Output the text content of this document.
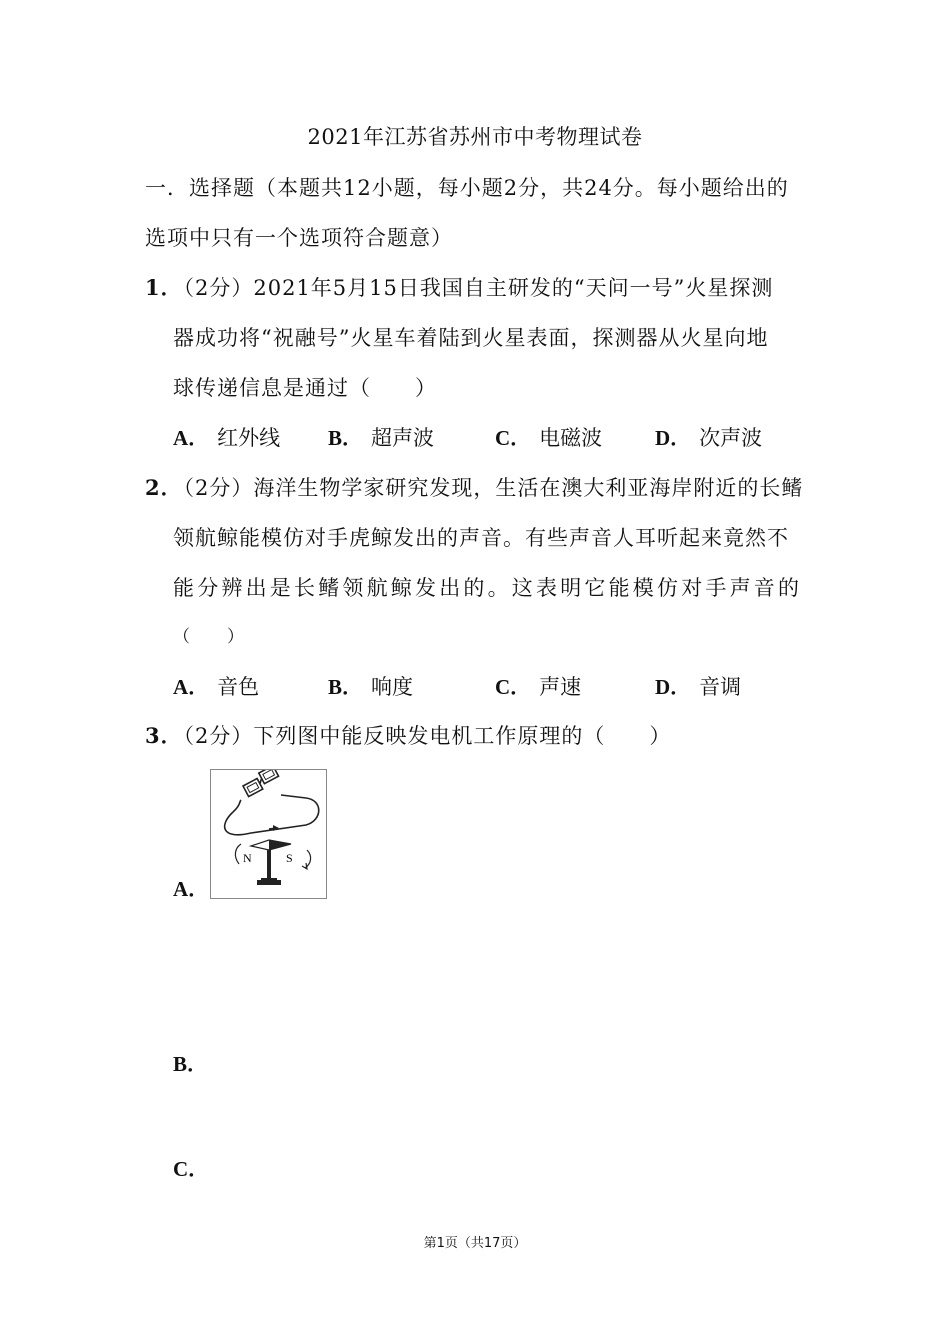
2021年江苏省苏州市中考物理试卷
一．选择题（本题共12小题，每小题2分，共24分。每小题给出的
选项中只有一个选项符合题意）
1．
（2分）2021年5月15日我国自主研发的“天问一号”火星探测
器成功将“祝融号”火星车着陆到火星表面，探测器从火星向地
球传递信息是通过（　　）
A． 红外线 B． 超声波	C． 电磁波	D． 次声波
2．
（2分）海洋生物学家研究发现，生活在澳大利亚海岸附近的长鳍
领航鲸能模仿对手虎鲸发出的声音。有些声音人耳听起来竟然不
能分辨出是长鳍领航鲸发出的。这表明它能模仿对手声音的
（　　）
A． 音色	B． 响度	C． 声速	D． 音调
3．
（2分）下列图中能反映发电机工作原理的（　　）
A．
N	S
B．
C．
第1页（共17页）
